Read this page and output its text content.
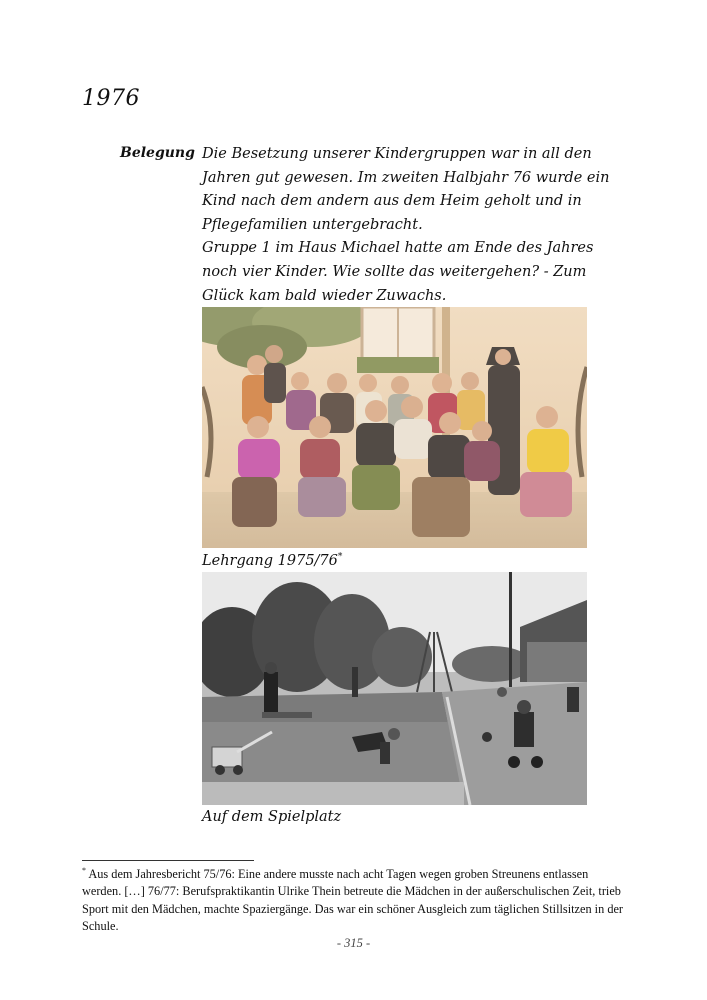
1976
Belegung Die Besetzung unserer Kindergruppen war in all den Jahren gut gewesen. Im zweiten Halbjahr 76 wurde ein Kind nach dem andern aus dem Heim geholt und in Pflegefamilien untergebracht.

Gruppe 1 im Haus Michael hatte am Ende des Jahres noch vier Kinder. Wie sollte das weitergehen? - Zum Glück kam bald wieder Zuwachs.

Lehrgang 1975/76*
Auf dem Spielplatz

* Aus dem Jahresbericht 75/76: Eine andere musste nach acht Tagen wegen groben Streunens entlassen werden. […] 76/77: Berufspraktikantin Ulrike Thein betreute die Mädchen in der außerschulischen Zeit, trieb Sport mit den Mädchen, machte Spaziergänge. Das war ein schöner Ausgleich zum täglichen Stillsitzen in der Schule.

- 315 -
